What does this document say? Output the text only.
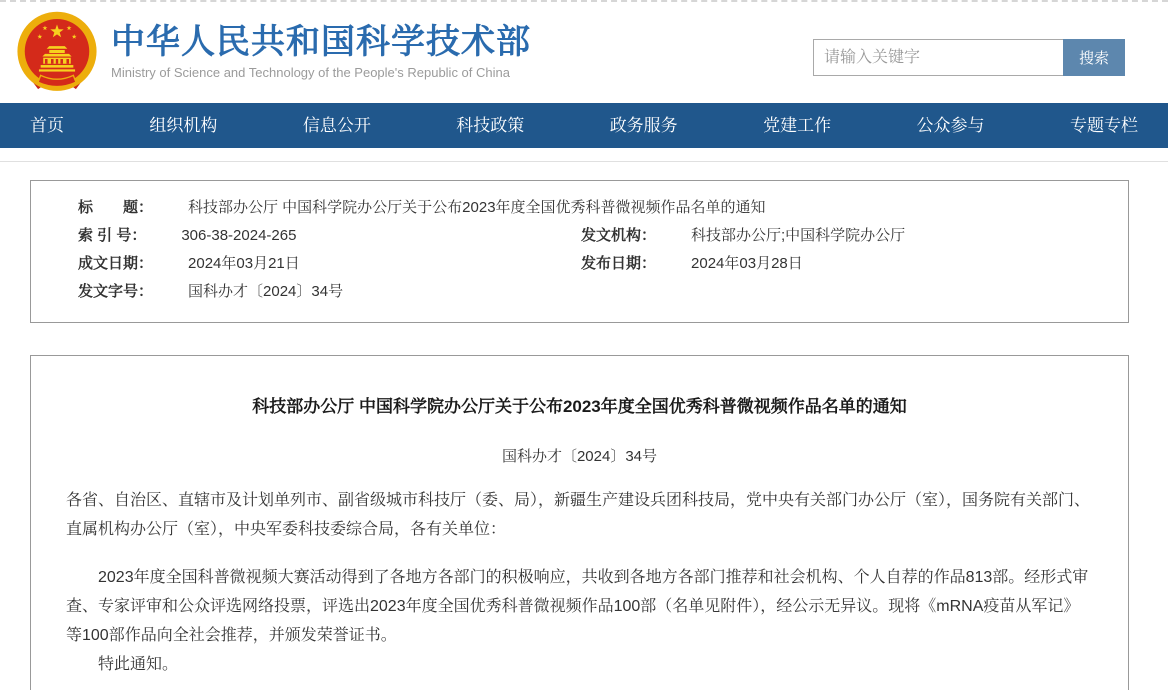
中华人民共和国科学技术部
Ministry of Science and Technology of the People's Republic of China
请输入关键字
搜索
首页	组织机构	信息公开	科技政策	政务服务	党建工作	公众参与	专题专栏
标　　题： 科技部办公厅 中国科学院办公厅关于公布2023年度全国优秀科普微视频作品名单的通知
索 引 号： 306-38-2024-265	发文机构： 科技部办公厅;中国科学院办公厅
成文日期： 2024年03月21日	发布日期： 2024年03月28日
发文字号： 国科办才〔2024〕34号
科技部办公厅 中国科学院办公厅关于公布2023年度全国优秀科普微视频作品名单的通知
国科办才〔2024〕34号

各省、自治区、直辖市及计划单列市、副省级城市科技厅（委、局），新疆生产建设兵团科技局，党中央有关部门办公厅（室），国务院有关部门、直属机构办公厅（室），中央军委科技委综合局，各有关单位：

2023年度全国科普微视频大赛活动得到了各地方各部门的积极响应，共收到各地方各部门推荐和社会机构、个人自荐的作品813部。经形式审查、专家评审和公众评选网络投票，评选出2023年度全国优秀科普微视频作品100部（名单见附件），经公示无异议。现将《mRNA疫苗从军记》等100部作品向全社会推荐，并颁发荣誉证书。

特此通知。
